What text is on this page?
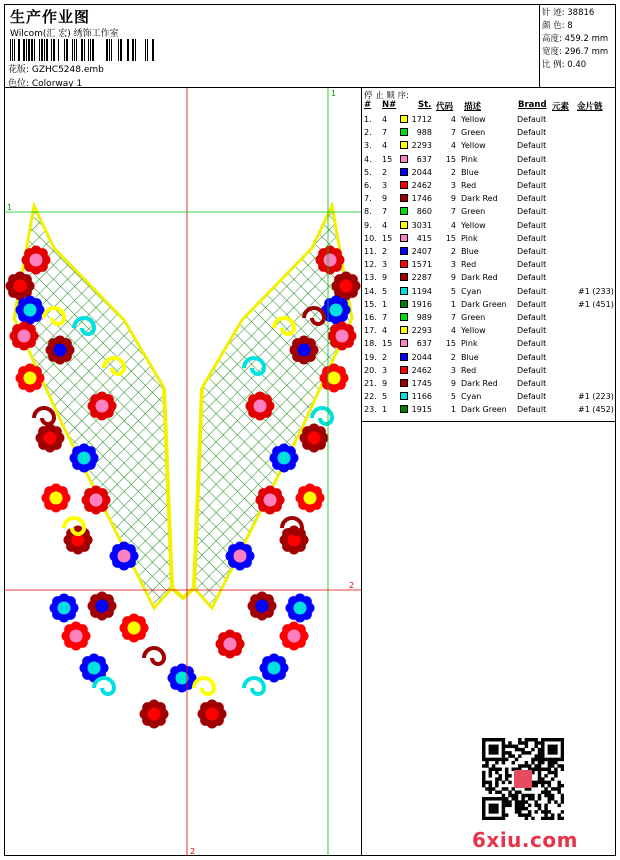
生产作业图
Wilcom(汇 宏) 绣饰工作室
花版: GZHC5248.emb
色位: Colorway 1
针 迹: 38816
颜 色: 8
高度: 459.2 mm
宽度: 296.7 mm
比 例: 0.40
1
1
2
2
停 止 顺 序:
# N#	St. 代码 描述	Brand 元素 金片链
1. 4	1712	4 Yellow	Default
2. 7	988	7 Green	Default
3. 4	2293	4 Yellow	Default
4. 15	637	15 Pink	Default
5. 2	2044	2 Blue	Default
6. 3	2462	3 Red	Default
7. 9	1746	9 Dark Red Default
8. 7	860	7 Green	Default
9. 4	3031	4 Yellow	Default
10. 15	415	15 Pink	Default
11. 2	2407	2 Blue	Default
12. 3	1571	3 Red	Default
13. 9	2287	9 Dark Red Default
14. 5	1194	5 Cyan	Default	#1 (233)
15. 1	1916	1 Dark Green Default	#1 (451)
16. 7	989	7 Green	Default
17. 4	2293	4 Yellow	Default
18. 15	637	15 Pink	Default
19. 2	2044	2 Blue	Default
20. 3	2462	3 Red	Default
21. 9	1745	9 Dark Red Default
22. 5	1166	5 Cyan	Default	#1 (223)
23. 1	1915	1 Dark Green Default	#1 (452)
6xiu.com
